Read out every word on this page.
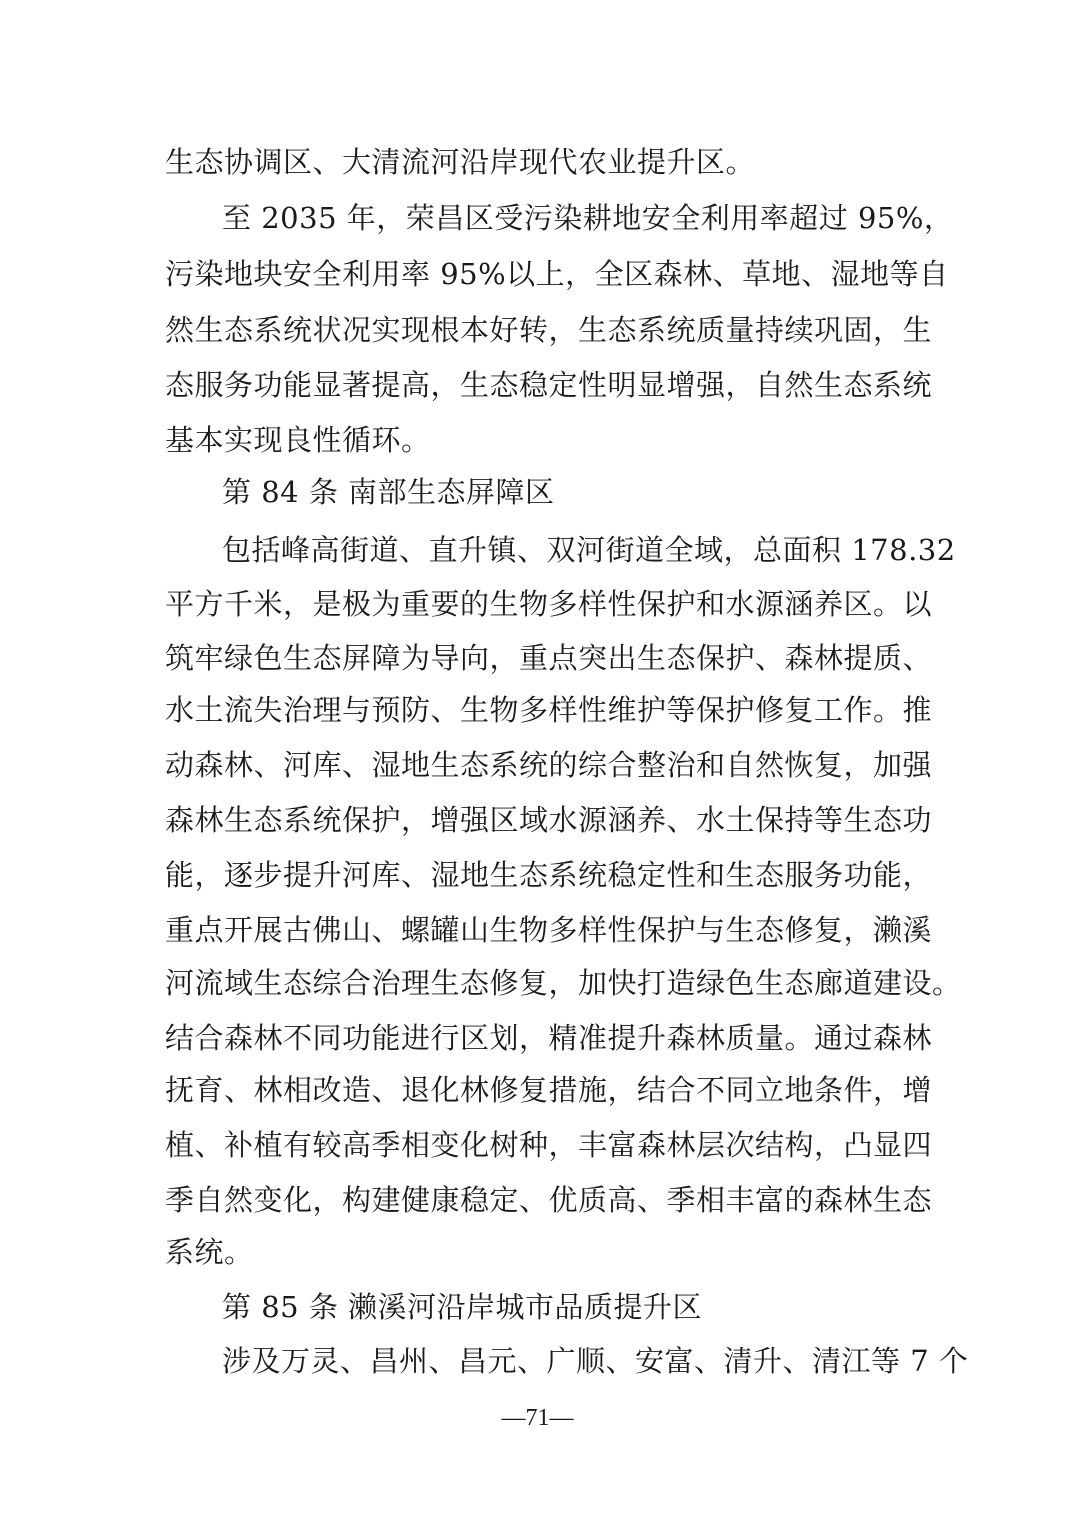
生态协调区、大清流河沿岸现代农业提升区。
至 2035 年，荣昌区受污染耕地安全利用率超过 95%，
污染地块安全利用率 95%以上，全区森林、草地、湿地等自
然生态系统状况实现根本好转，生态系统质量持续巩固，生
态服务功能显著提高，生态稳定性明显增强，自然生态系统
基本实现良性循环。
第 84 条 南部生态屏障区
包括峰高街道、直升镇、双河街道全域，总面积 178.32
平方千米，是极为重要的生物多样性保护和水源涵养区。以
筑牢绿色生态屏障为导向，重点突出生态保护、森林提质、
水土流失治理与预防、生物多样性维护等保护修复工作。推
动森林、河库、湿地生态系统的综合整治和自然恢复，加强
森林生态系统保护，增强区域水源涵养、水土保持等生态功
能，逐步提升河库、湿地生态系统稳定性和生态服务功能，
重点开展古佛山、螺罐山生物多样性保护与生态修复，濑溪
河流域生态综合治理生态修复，加快打造绿色生态廊道建设。
结合森林不同功能进行区划，精准提升森林质量。通过森林
抚育、林相改造、退化林修复措施，结合不同立地条件，增
植、补植有较高季相变化树种，丰富森林层次结构，凸显四
季自然变化，构建健康稳定、优质高、季相丰富的森林生态
系统。
第 85 条 濑溪河沿岸城市品质提升区
涉及万灵、昌州、昌元、广顺、安富、清升、清江等 7 个
—71—
